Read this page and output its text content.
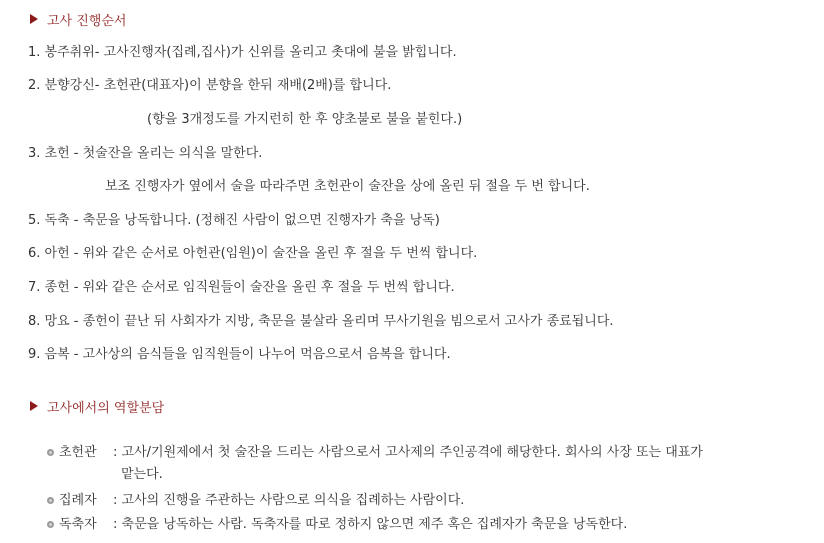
고사 진행순서
1. 봉주취위- 고사진행자(집례,집사)가 신위를 올리고 촛대에 불을 밝힙니다.
2. 분향강신- 초헌관(대표자)이 분향을 한뒤 재배(2배)를 합니다.
(향을 3개정도를 가지런히 한 후 양초불로 불을 붙힌다.)
3. 초헌 - 첫술잔을 올리는 의식을 말한다.
보조 진행자가 옆에서 술을 따라주면 초헌관이 술잔을 상에 올린 뒤 절을 두 번 합니다.
5. 독축 - 축문을 낭독합니다. (정해진 사람이 없으면 진행자가 축을 낭독)
6. 아헌 - 위와 같은 순서로 아헌관(임원)이 술잔을 올린 후 절을 두 번씩 합니다.
7. 종헌 - 위와 같은 순서로 임직원들이 술잔을 올린 후 절을 두 번씩 합니다.
8. 망요 - 종헌이 끝난 뒤 사회자가 지방, 축문을 불살라 올리며 무사기원을 빔으로서 고사가 종료됩니다.
9. 음복 - 고사상의 음식들을 임직원들이 나누어 먹음으로서 음복을 합니다.
고사에서의 역할분담
초헌관 : 고사/기원제에서 첫 술잔을 드리는 사람으로서 고사제의 주인공격에 해당한다. 회사의 사장 또는 대표가
맡는다.
집례자 : 고사의 진행을 주관하는 사람으로 의식을 집례하는 사람이다.
독축자 : 축문을 낭독하는 사람. 독축자를 따로 정하지 않으면 제주 혹은 집례자가 축문을 낭독한다.
